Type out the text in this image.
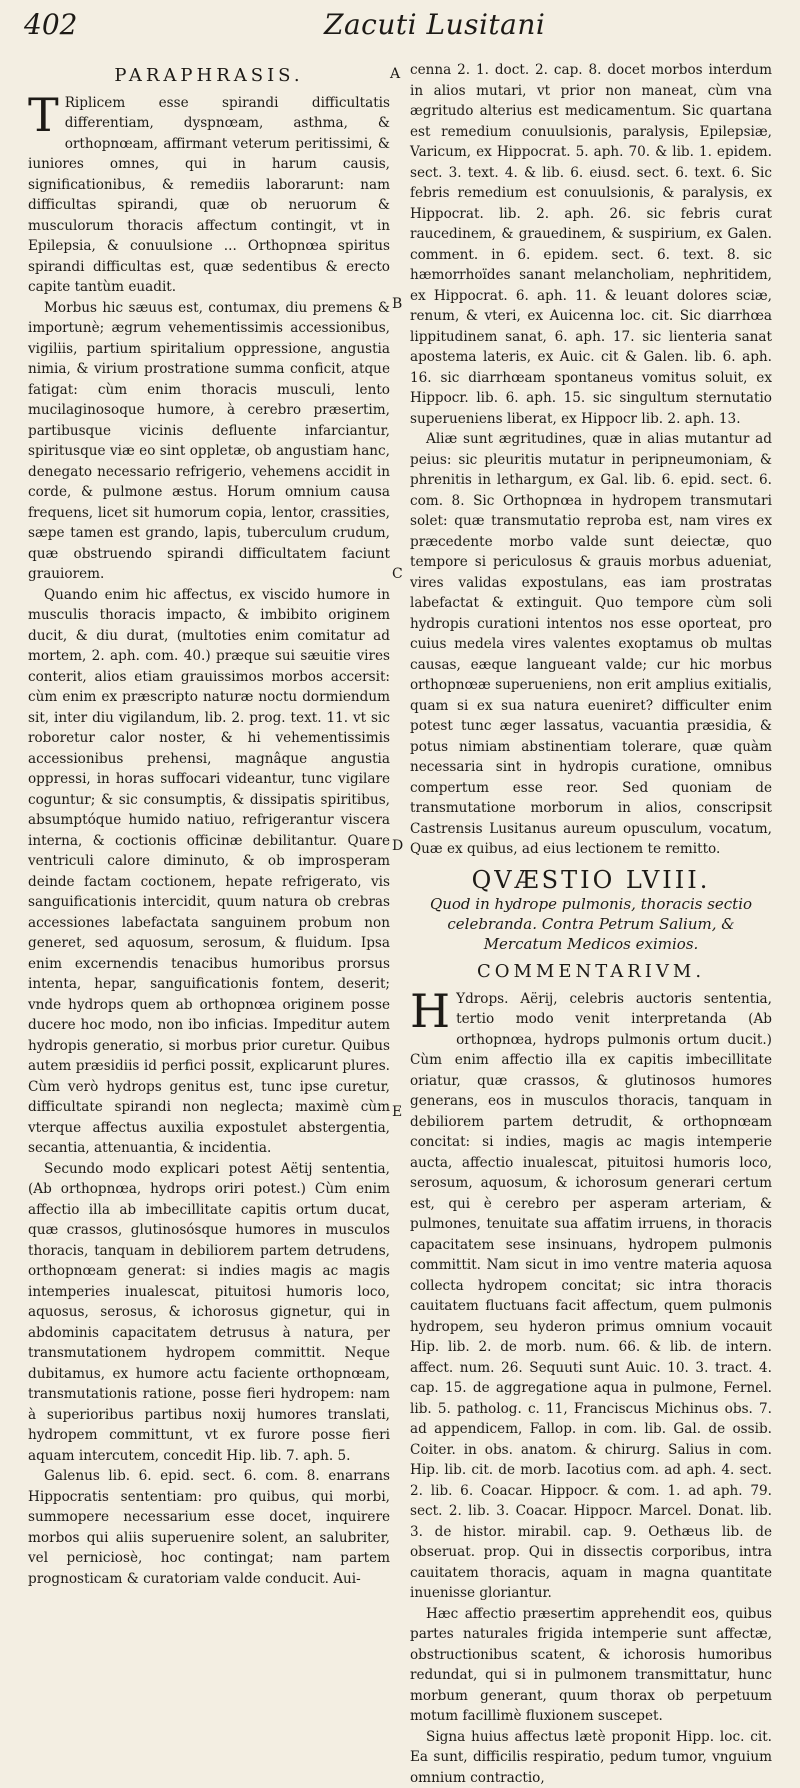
402	Zacuti Lusitani
PARAPHRASIS.

T Riplicem esse spirandi difficultatis differentiam, dyspnœam, asthma, & orthopnœam, affirmant veterum peritissimi, & iuniores omnes, qui in harum causis, significationibus, & remediis laborarunt: nam difficultas spirandi, quæ ob neruorum & musculorum thoracis affectum contingit, vt in Epilepsia, & conuulsione ... Orthopnœa spiritus spirandi difficultas est, quæ sedentibus & erecto capite tantùm euadit.

Morbus hic sæuus est, contumax, diu premens & importunè; ægrum vehementissimis accessionibus, vigiliis, partium spiritalium oppressione, angustia nimia, & virium prostratione summa conficit, atque fatigat: cùm enim thoracis musculi, lento mucilaginosoque humore, à cerebro præsertim, partibusque vicinis defluente infarciantur, spiritusque viæ eo sint oppletæ, ob angustiam hanc, denegato necessario refrigerio, vehemens accidit in corde, & pulmone æstus. Horum omnium causa frequens, licet sit humorum copia, lentor, crassities, sæpe tamen est grando, lapis, tuberculum crudum, quæ obstruendo spirandi difficultatem faciunt grauiorem.

Quando enim hic affectus, ex viscido humore in musculis thoracis impacto, & imbibito originem ducit, & diu durat, (multoties enim comitatur ad mortem, 2. aph. com. 40.) præque sui sæuitie vires conterit, alios etiam grauissimos morbos accersit: cùm enim ex præscripto naturæ noctu dormiendum sit, inter diu vigilandum, lib. 2. prog. text. 11. vt sic roboretur calor noster, & hi vehementissimis accessionibus prehensi, magnâque angustia oppressi, in horas suffocari videantur, tunc vigilare coguntur; & sic consumptis, & dissipatis spiritibus, absumptóque humido natiuo, refrigerantur viscera interna, & coctionis officinæ debilitantur. Quare ventriculi calore diminuto, & ob improsperam deinde factam coctionem, hepate refrigerato, vis sanguificationis intercidit, quum natura ob crebras accessiones labefactata sanguinem probum non generet, sed aquosum, serosum, & fluidum. Ipsa enim excernendis tenacibus humoribus prorsus intenta, hepar, sanguificationis fontem, deserit; vnde hydrops quem ab orthopnœa originem posse ducere hoc modo, non ibo inficias. Impeditur autem hydropis generatio, si morbus prior curetur. Quibus autem præsidiis id perfici possit, explicarunt plures. Cùm verò hydrops genitus est, tunc ipse curetur, difficultate spirandi non neglecta; maximè cùm vterque affectus auxilia expostulet abstergentia, secantia, attenuantia, & incidentia.

Secundo modo explicari potest Aëtij sententia, (Ab orthopnœa, hydrops oriri potest.) Cùm enim affectio illa ab imbecillitate capitis ortum ducat, quæ crassos, glutinosósque humores in musculos thoracis, tanquam in debiliorem partem detrudens, orthopnœam generat: si indies magis ac magis intemperies inualescat, pituitosi humoris loco, aquosus, serosus, & ichorosus gignetur, qui in abdominis capacitatem detrusus à natura, per transmutationem hydropem committit. Neque dubitamus, ex humore actu faciente orthopnœam, transmutationis ratione, posse fieri hydropem: nam à superioribus partibus noxij humores translati, hydropem committunt, vt ex furore posse fieri aquam intercutem, concedit Hip. lib. 7. aph. 5.

Galenus lib. 6. epid. sect. 6. com. 8. enarrans Hippocratis sententiam: pro quibus, qui morbi, summopere necessarium esse docet, inquirere morbos qui aliis superuenire solent, an salubriter, vel perniciosè, hoc contingat; nam partem prognosticam & curatoriam valde conducit. Aui-

A
B
C
D
E

cenna 2. 1. doct. 2. cap. 8. docet morbos interdum in alios mutari, vt prior non maneat, cùm vna ægritudo alterius est medicamentum. Sic quartana est remedium conuulsionis, paralysis, Epilepsiæ, Varicum, ex Hippocrat. 5. aph. 70. & lib. 1. epidem. sect. 3. text. 4. & lib. 6. eiusd. sect. 6. text. 6. Sic febris remedium est conuulsionis, & paralysis, ex Hippocrat. lib. 2. aph. 26. sic febris curat raucedinem, & grauedinem, & suspirium, ex Galen. comment. in 6. epidem. sect. 6. text. 8. sic hæmorrhoïdes sanant melancholiam, nephritidem, ex Hippocrat. 6. aph. 11. & leuant dolores sciæ, renum, & vteri, ex Auicenna loc. cit. Sic diarrhœa lippitudinem sanat, 6. aph. 17. sic lienteria sanat apostema lateris, ex Auic. cit & Galen. lib. 6. aph. 16. sic diarrhœam spontaneus vomitus soluit, ex Hippocr. lib. 6. aph. 15. sic singultum sternutatio superueniens liberat, ex Hippocr lib. 2. aph. 13.

Aliæ sunt ægritudines, quæ in alias mutantur ad peius: sic pleuritis mutatur in peripneumoniam, & phrenitis in lethargum, ex Gal. lib. 6. epid. sect. 6. com. 8. Sic Orthopnœa in hydropem transmutari solet: quæ transmutatio reproba est, nam vires ex præcedente morbo valde sunt deiectæ, quo tempore si periculosus & grauis morbus adueniat, vires validas expostulans, eas iam prostratas labefactat & extinguit. Quo tempore cùm soli hydropis curationi intentos nos esse oporteat, pro cuius medela vires valentes exoptamus ob multas causas, eæque langueant valde; cur hic morbus orthopnœæ superueniens, non erit amplius exitialis, quam si ex sua natura eueniret? difficulter enim potest tunc æger lassatus, vacuantia præsidia, & potus nimiam abstinentiam tolerare, quæ quàm necessaria sint in hydropis curatione, omnibus compertum esse reor. Sed quoniam de transmutatione morborum in alios, conscripsit Castrensis Lusitanus aureum opusculum, vocatum, Quæ ex quibus, ad eius lectionem te remitto.

QVÆSTIO LVIII.
Quod in hydrope pulmonis, thoracis sectio celebranda. Contra Petrum Salium, & Mercatum Medicos eximios.
COMMENTARIVM.

H Ydrops. Aërij, celebris auctoris sententia, tertio modo venit interpretanda (Ab orthopnœa, hydrops pulmonis ortum ducit.) Cùm enim affectio illa ex capitis imbecillitate oriatur, quæ crassos, & glutinosos humores generans, eos in musculos thoracis, tanquam in debiliorem partem detrudit, & orthopnœam concitat: si indies, magis ac magis intemperie aucta, affectio inualescat, pituitosi humoris loco, serosum, aquosum, & ichorosum generari certum est, qui è cerebro per asperam arteriam, & pulmones, tenuitate sua affatim irruens, in thoracis capacitatem sese insinuans, hydropem pulmonis committit. Nam sicut in imo ventre materia aquosa collecta hydropem concitat; sic intra thoracis cauitatem fluctuans facit affectum, quem pulmonis hydropem, seu hyderon primus omnium vocauit Hip. lib. 2. de morb. num. 66. & lib. de intern. affect. num. 26. Sequuti sunt Auic. 10. 3. tract. 4. cap. 15. de aggregatione aqua in pulmone, Fernel. lib. 5. patholog. c. 11, Franciscus Michinus obs. 7. ad appendicem, Fallop. in com. lib. Gal. de ossib. Coiter. in obs. anatom. & chirurg. Salius in com. Hip. lib. cit. de morb. Iacotius com. ad aph. 4. sect. 2. lib. 6. Coacar. Hippocr. & com. 1. ad aph. 79. sect. 2. lib. 3. Coacar. Hippocr. Marcel. Donat. lib. 3. de histor. mirabil. cap. 9. Oethæus lib. de obseruat. prop. Qui in dissectis corporibus, intra cauitatem thoracis, aquam in magna quantitate inuenisse gloriantur.

Hæc affectio præsertim apprehendit eos, quibus partes naturales frigida intemperie sunt affectæ, obstructionibus scatent, & ichorosis humoribus redundat, qui si in pulmonem transmittatur, hunc morbum generant, quum thorax ob perpetuum motum facillimè fluxionem suscepet.

Signa huius affectus lætè proponit Hipp. loc. cit. Ea sunt, difficilis respiratio, pedum tumor, vnguium omnium contractio,
